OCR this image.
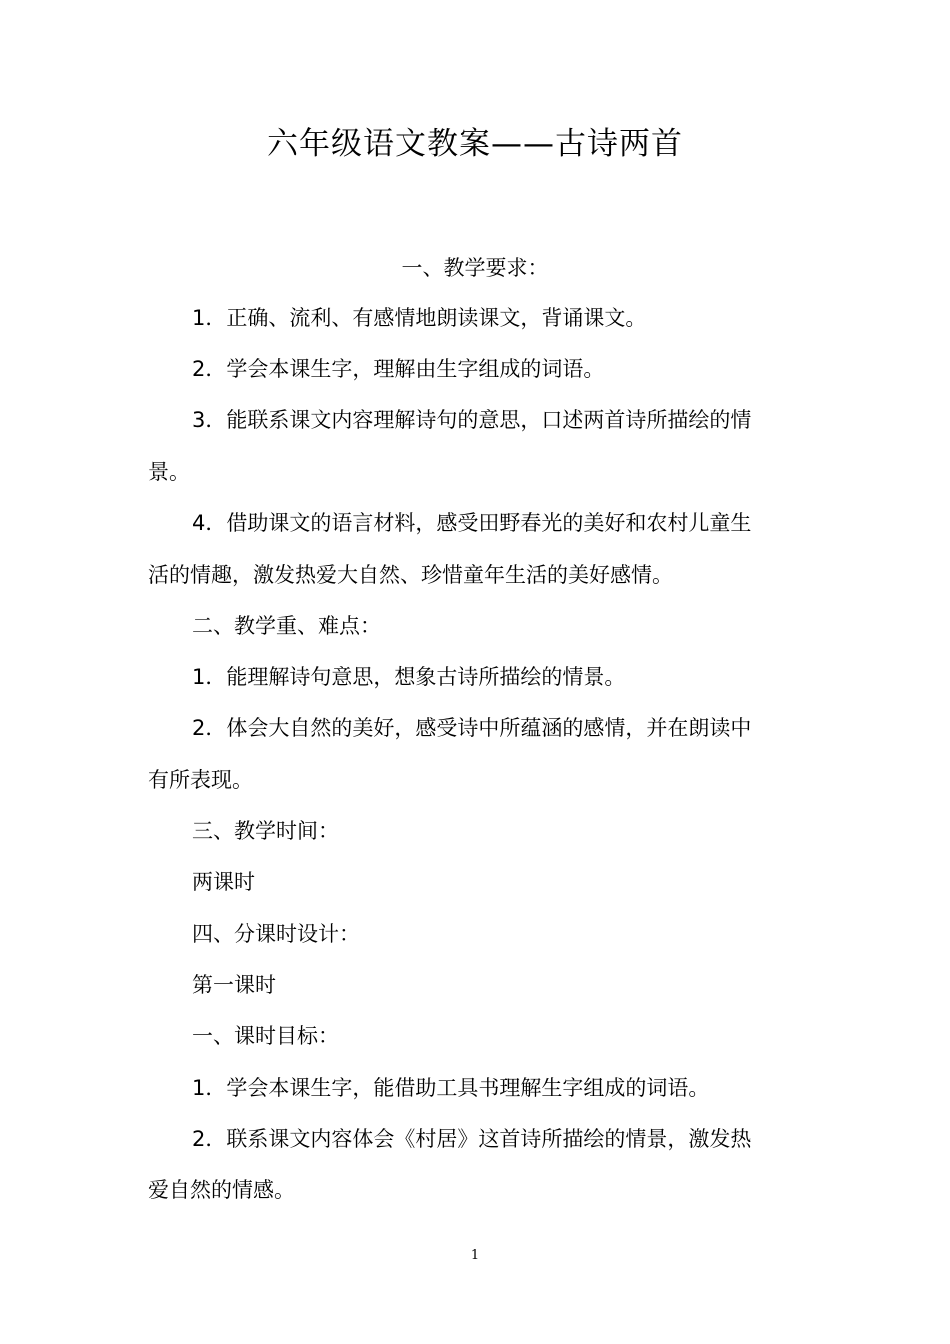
六年级语文教案——古诗两首
一、教学要求：
1．正确、流利、有感情地朗读课文，背诵课文。
2．学会本课生字，理解由生字组成的词语。
3．能联系课文内容理解诗句的意思，口述两首诗所描绘的情
景。
4．借助课文的语言材料，感受田野春光的美好和农村儿童生
活的情趣，激发热爱大自然、珍惜童年生活的美好感情。
二、教学重、难点：
1．能理解诗句意思，想象古诗所描绘的情景。
2．体会大自然的美好，感受诗中所蕴涵的感情，并在朗读中
有所表现。
三、教学时间：
两课时
四、分课时设计：
第一课时
一、课时目标：
1．学会本课生字，能借助工具书理解生字组成的词语。
2．联系课文内容体会《村居》这首诗所描绘的情景，激发热
爱自然的情感。
1
